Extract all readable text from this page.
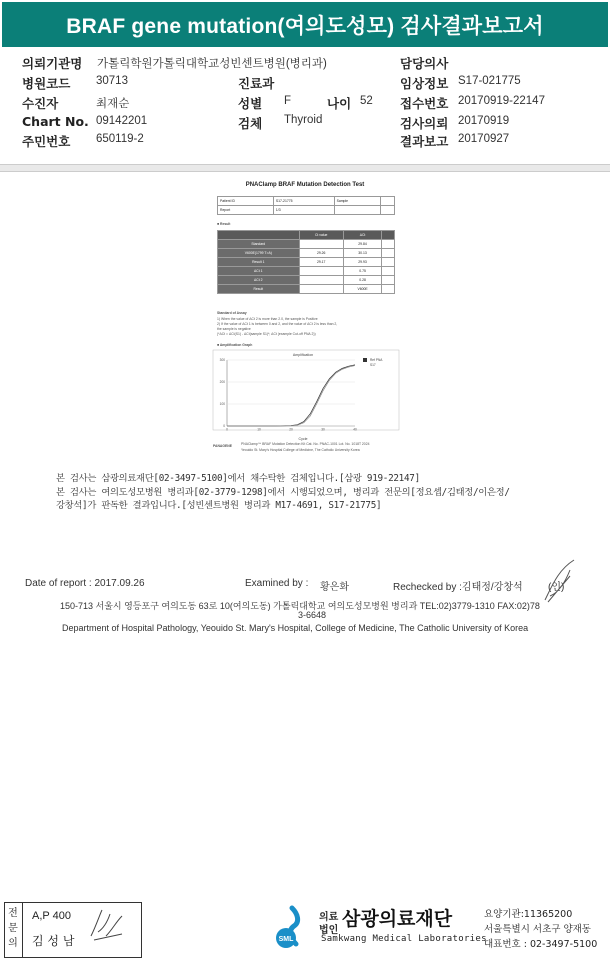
BRAF gene mutation(여의도성모) 검사결과보고서
의뢰기관명 가톨릭학원가톨릭대학교성빈센트병원(병리과)	담당의사
병원코드 30713	진료과	임상정보 S17-021775
수진자	최재순	성별 F	나이 52 접수번호 20170919-22147
Chart No. 09142201	검체 Thyroid	검사의뢰 20170919
주민번호 650119-2	결과보고 20170927
PNAClamp BRAF Mutation Detection Test
Patient ID	S17-21775	Sample	
Report	1/3		
■ Result
	Ct value	ΔCt	
Standard		29.84	
V600E(1799 T>A)	29.26	30.13	
Result 1	29.17	29.93	
ΔCt 1		0.75	
ΔCt 2		0.28	
Result		V600E	
Standard of Assay
1) When the value of ΔCt 2 is more than 2.0, the sample is Positive
2) If the value of ΔCt 1 is between 0 and 2, and the value of ΔCt 2 is less than 2,
the sample is negative
(*ΔCt = ΔCt(S1) - ΔCt(sample S1)*; ΔCt (example Cut-off PNA 2))
■ Amplification Graph
Amplification
300
200
100
0
0	10	20	30	40
Cycle
Ref PNA
S17
PNAClamp™ BRAF Mutation Detection Kit Cat. No. PNAC-1001 Lot. No. 1018T 2024
Yeouido St. Mary's Hospital College of Medicine, The Catholic University Korea
PANAGENE
본 검사는 삼광의료재단[02-3497-5100]에서 채수탁한 검체입니다.[삼광 919-22147]
본 검사는 여의도성모병원 병리과[02-3779-1298]에서 시행되었으며, 병리과 전문의[정요셉/김태정/이은정/
강창석]가 판독한 결과입니다.[성빈센트병원 병리과 M17-4691, S17-21775]
Date of report : 2017.09.26	Examined by : 황은화	Rechecked by :김태정/강창석	(인)
150-713 서울시 영등포구 여의도동 63로 10(여의도동) 가톨릭대학교 여의도성모병원 병리과 TEL:02)3779-1310 FAX:02)78
3-6648
Department of Hospital Pathology, Yeouido St. Mary's Hospital, College of Medicine, The Catholic University of Korea
전문의
A,P 400
김 성 남	SML
의료
법인
삼광의료재단
Samkwang Medical Laboratories
요양기관:11365200
서울특별시 서초구 양재동
대표번호 : 02-3497-5100
